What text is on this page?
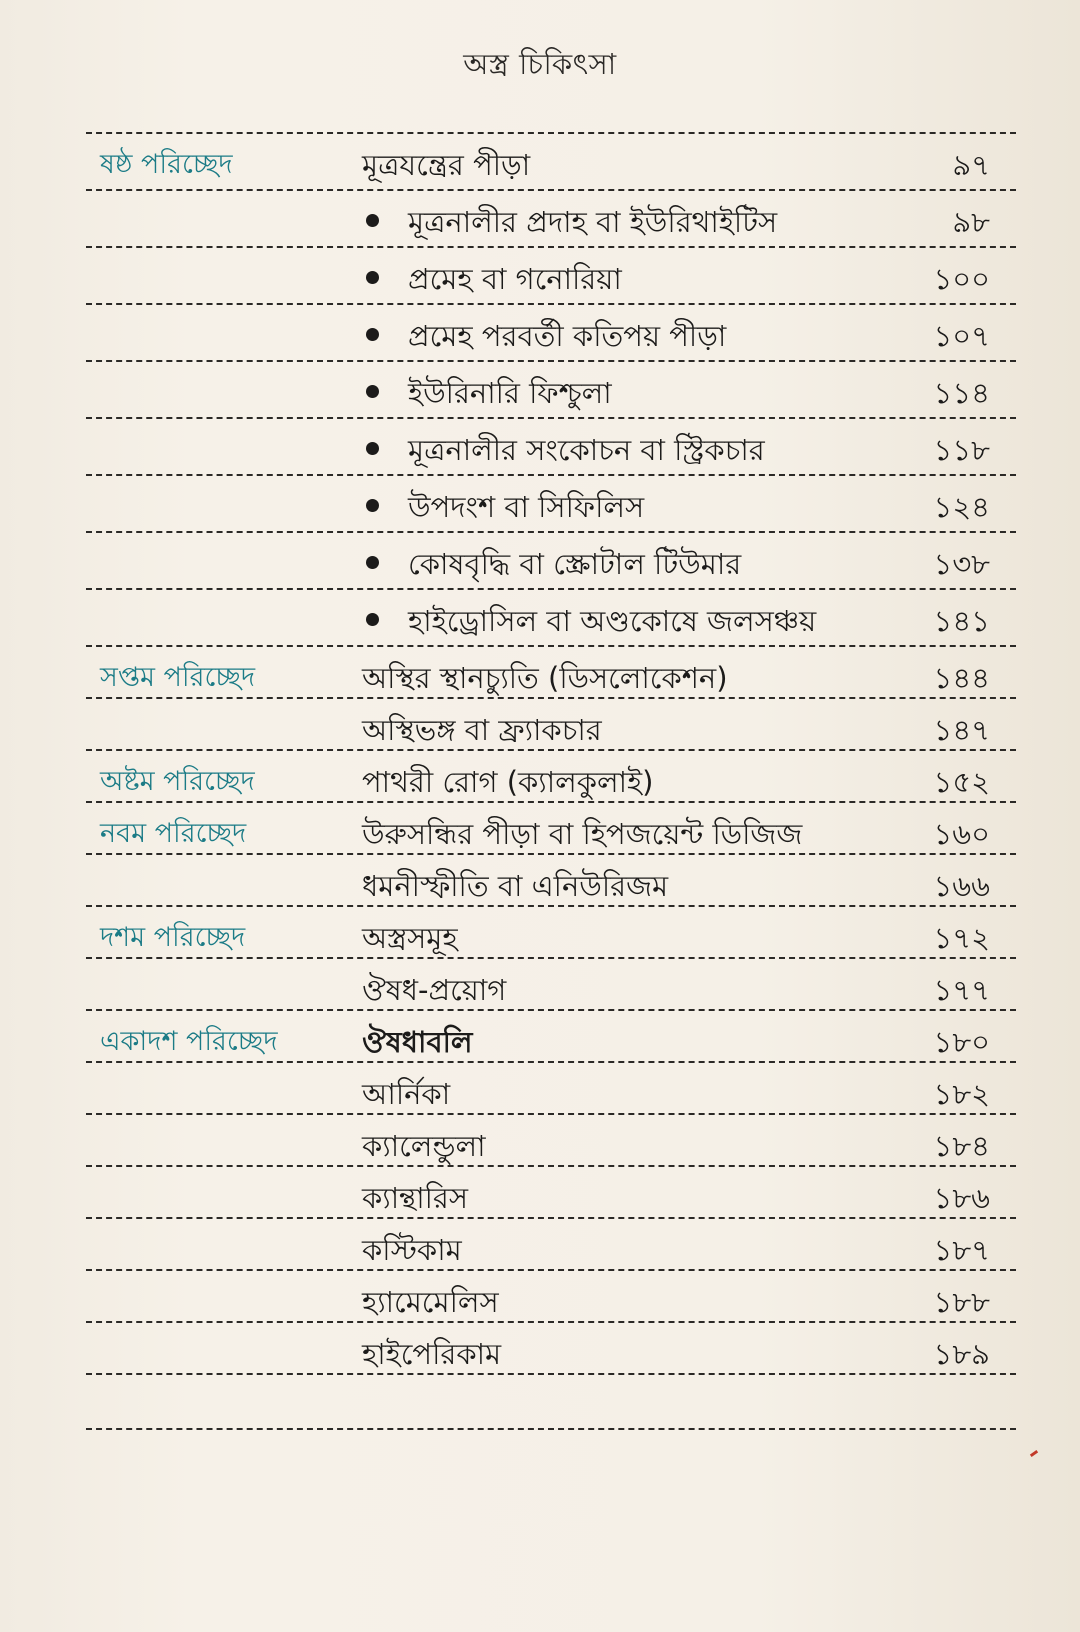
অস্ত্র চিকিৎসা
ষষ্ঠ পরিচ্ছেদ	মূত্রযন্ত্রের পীড়া	৯৭
মূত্রনালীর প্রদাহ বা ইউরিথাইটিস	৯৮
প্রমেহ বা গনোরিয়া	১০০
প্রমেহ পরবর্তী কতিপয় পীড়া	১০৭
ইউরিনারি ফিশ্চুলা	১১৪
মূত্রনালীর সংকোচন বা স্ট্রিকচার	১১৮
উপদংশ বা সিফিলিস	১২৪
কোষবৃদ্ধি বা স্ক্রোটাল টিউমার	১৩৮
হাইড্রোসিল বা অণ্ডকোষে জলসঞ্চয়	১৪১
সপ্তম পরিচ্ছেদ	অস্থির স্থানচ্যুতি (ডিসলোকেশন)	১৪৪
অস্থিভঙ্গ বা ফ্র্যাকচার	১৪৭
অষ্টম পরিচ্ছেদ	পাথরী রোগ (ক্যালকুলাই)	১৫২
নবম পরিচ্ছেদ	উরুসন্ধির পীড়া বা হিপজয়েন্ট ডিজিজ	১৬০
ধমনীস্ফীতি বা এনিউরিজম	১৬৬
দশম পরিচ্ছেদ	অস্ত্রসমূহ	১৭২
ঔষধ-প্রয়োগ	১৭৭
একাদশ পরিচ্ছেদ	ঔষধাবলি	১৮০
আর্নিকা	১৮২
ক্যালেন্ডুলা	১৮৪
ক্যান্থারিস	১৮৬
কস্টিকাম	১৮৭
হ্যামেমেলিস	১৮৮
হাইপেরিকাম	১৮৯
